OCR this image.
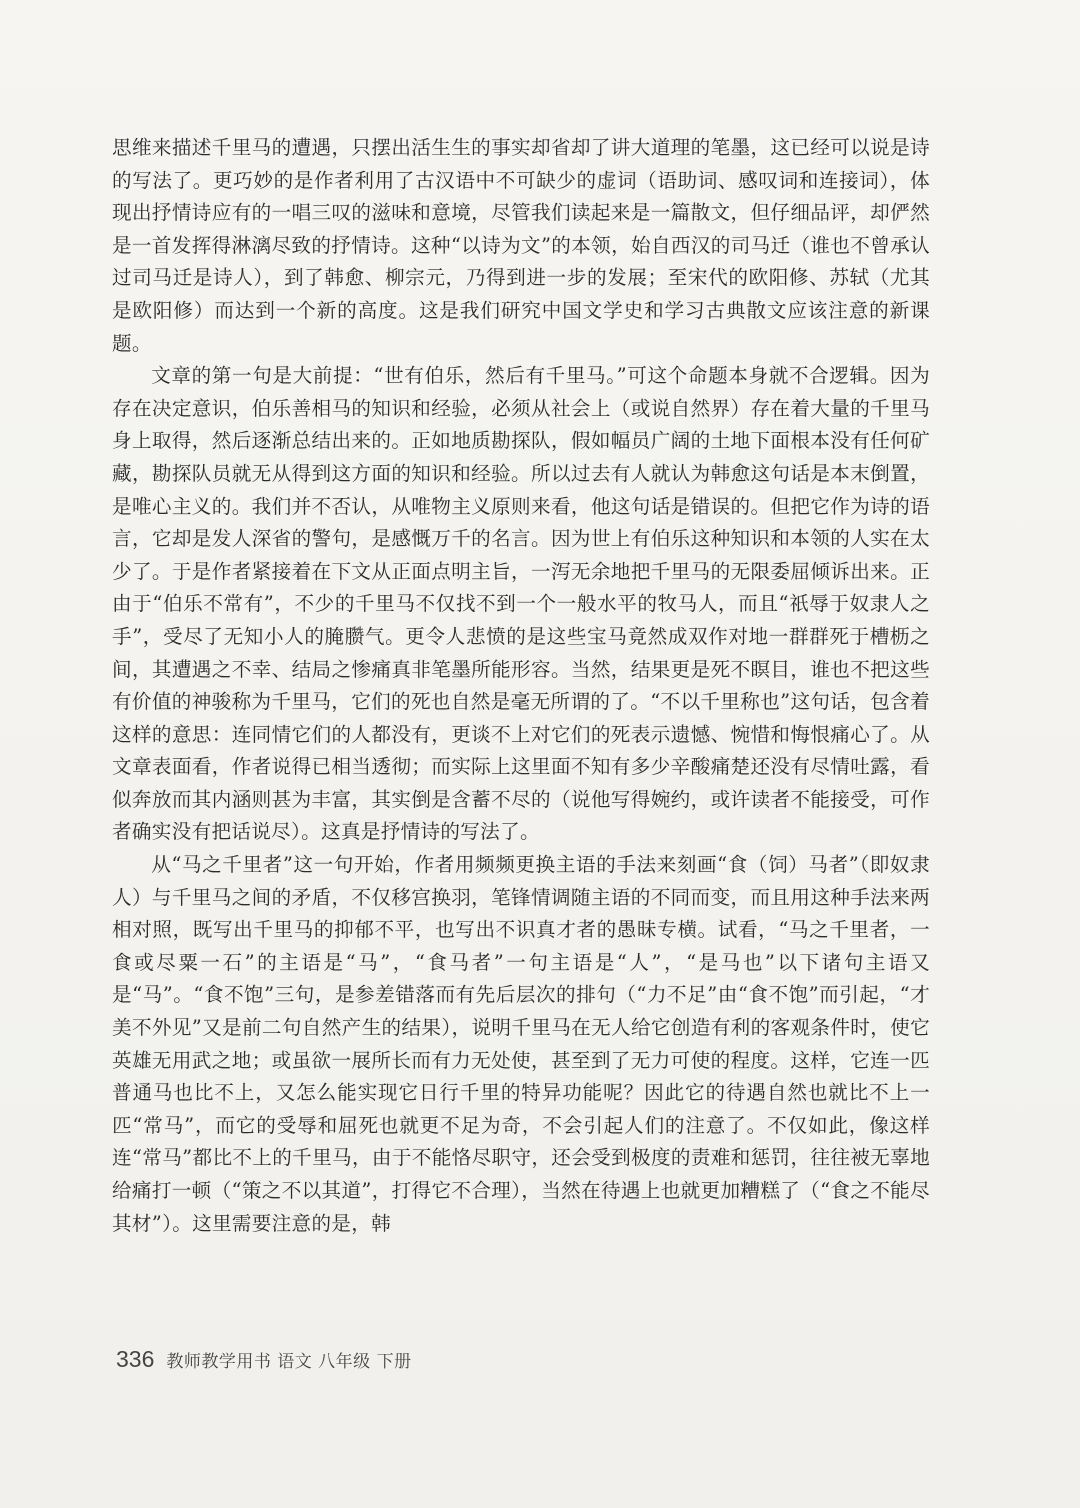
思维来描述千里马的遭遇，只摆出活生生的事实却省却了讲大道理的笔墨，这已经可以说是诗的写法了。更巧妙的是作者利用了古汉语中不可缺少的虚词（语助词、感叹词和连接词），体现出抒情诗应有的一唱三叹的滋味和意境，尽管我们读起来是一篇散文，但仔细品评，却俨然是一首发挥得淋漓尽致的抒情诗。这种“以诗为文”的本领，始自西汉的司马迁（谁也不曾承认过司马迁是诗人），到了韩愈、柳宗元，乃得到进一步的发展；至宋代的欧阳修、苏轼（尤其是欧阳修）而达到一个新的高度。这是我们研究中国文学史和学习古典散文应该注意的新课题。

文章的第一句是大前提：“世有伯乐，然后有千里马。”可这个命题本身就不合逻辑。因为存在决定意识，伯乐善相马的知识和经验，必须从社会上（或说自然界）存在着大量的千里马身上取得，然后逐渐总结出来的。正如地质勘探队，假如幅员广阔的土地下面根本没有任何矿藏，勘探队员就无从得到这方面的知识和经验。所以过去有人就认为韩愈这句话是本末倒置，是唯心主义的。我们并不否认，从唯物主义原则来看，他这句话是错误的。但把它作为诗的语言，它却是发人深省的警句，是感慨万千的名言。因为世上有伯乐这种知识和本领的人实在太少了。于是作者紧接着在下文从正面点明主旨，一泻无余地把千里马的无限委屈倾诉出来。正由于“伯乐不常有”，不少的千里马不仅找不到一个一般水平的牧马人，而且“祇辱于奴隶人之手”，受尽了无知小人的腌臜气。更令人悲愤的是这些宝马竟然成双作对地一群群死于槽枥之间，其遭遇之不幸、结局之惨痛真非笔墨所能形容。当然，结果更是死不瞑目，谁也不把这些有价值的神骏称为千里马，它们的死也自然是毫无所谓的了。“不以千里称也”这句话，包含着这样的意思：连同情它们的人都没有，更谈不上对它们的死表示遗憾、惋惜和悔恨痛心了。从文章表面看，作者说得已相当透彻；而实际上这里面不知有多少辛酸痛楚还没有尽情吐露，看似奔放而其内涵则甚为丰富，其实倒是含蓄不尽的（说他写得婉约，或许读者不能接受，可作者确实没有把话说尽）。这真是抒情诗的写法了。

从“马之千里者”这一句开始，作者用频频更换主语的手法来刻画“食（饲）马者”（即奴隶人）与千里马之间的矛盾，不仅移宫换羽，笔锋情调随主语的不同而变，而且用这种手法来两相对照，既写出千里马的抑郁不平，也写出不识真才者的愚昧专横。试看，“马之千里者，一食或尽粟一石”的主语是“马”，“食马者”一句主语是“人”，“是马也”以下诸句主语又是“马”。“食不饱”三句，是参差错落而有先后层次的排句（“力不足”由“食不饱”而引起，“才美不外见”又是前二句自然产生的结果），说明千里马在无人给它创造有利的客观条件时，使它英雄无用武之地；或虽欲一展所长而有力无处使，甚至到了无力可使的程度。这样，它连一匹普通马也比不上，又怎么能实现它日行千里的特异功能呢？因此它的待遇自然也就比不上一匹“常马”，而它的受辱和屈死也就更不足为奇，不会引起人们的注意了。不仅如此，像这样连“常马”都比不上的千里马，由于不能恪尽职守，还会受到极度的责难和惩罚，往往被无辜地给痛打一顿（“策之不以其道”，打得它不合理），当然在待遇上也就更加糟糕了（“食之不能尽其材”）。这里需要注意的是，韩

336 教师教学用书 语文 八年级 下册
